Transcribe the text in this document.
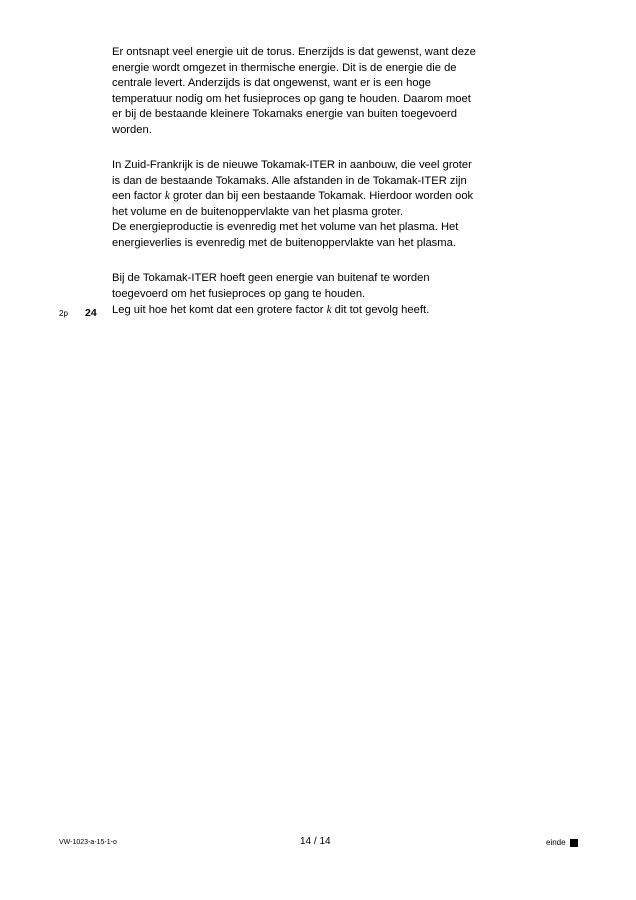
Er ontsnapt veel energie uit de torus. Enerzijds is dat gewenst, want deze
energie wordt omgezet in thermische energie. Dit is de energie die de
centrale levert. Anderzijds is dat ongewenst, want er is een hoge
temperatuur nodig om het fusieproces op gang te houden. Daarom moet
er bij de bestaande kleinere Tokamaks energie van buiten toegevoerd
worden.
In Zuid-Frankrijk is de nieuwe Tokamak-ITER in aanbouw, die veel groter
is dan de bestaande Tokamaks. Alle afstanden in de Tokamak-ITER zijn
een factor k groter dan bij een bestaande Tokamak. Hierdoor worden ook
het volume en de buitenoppervlakte van het plasma groter.
De energieproductie is evenredig met het volume van het plasma. Het
energieverlies is evenredig met de buitenoppervlakte van het plasma.
Bij de Tokamak-ITER hoeft geen energie van buitenaf te worden
toegevoerd om het fusieproces op gang te houden.
2p 24 Leg uit hoe het komt dat een grotere factor k dit tot gevolg heeft.
VW-1023-a-15-1-o	14 / 14	einde
